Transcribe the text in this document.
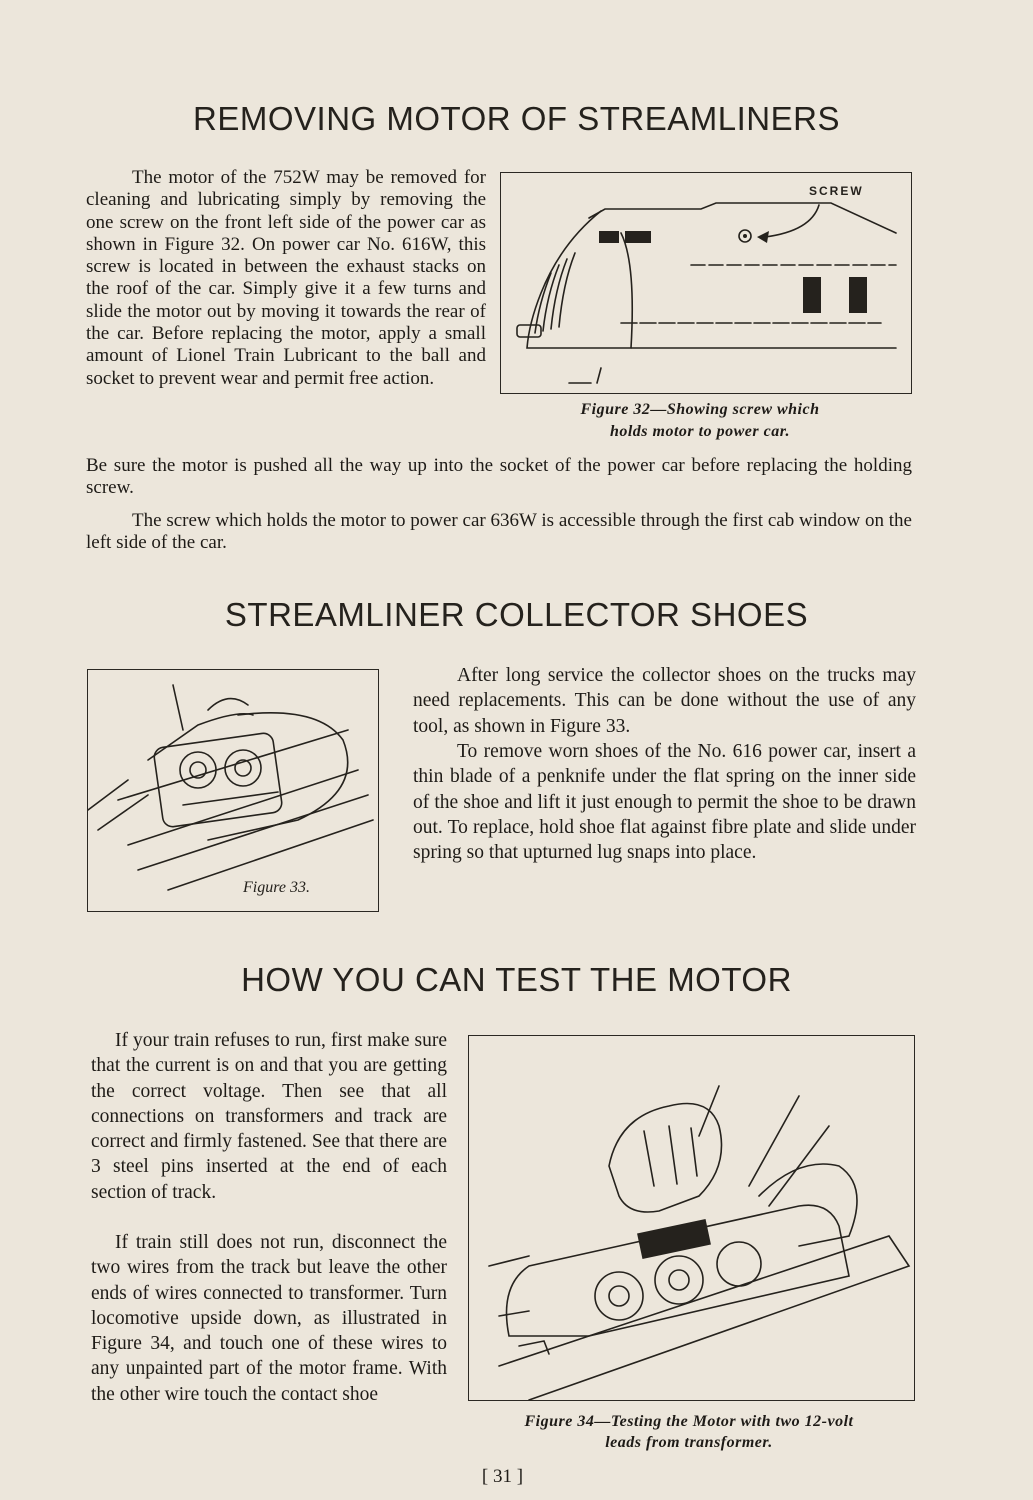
REMOVING MOTOR OF STREAMLINERS

The motor of the 752W may be removed for cleaning and lubricating simply by removing the one screw on the front left side of the power car as shown in Figure 32. On power car No. 616W, this screw is located in between the exhaust stacks on the roof of the car. Simply give it a few turns and slide the motor out by moving it towards the rear of the car. Before replacing the motor, apply a small amount of Lionel Train Lubricant to the ball and socket to prevent wear and permit free action.

SCREW
Figure 32—Showing screw which
holds motor to power car.

Be sure the motor is pushed all the way up into the socket of the power car before replacing the holding screw.

The screw which holds the motor to power car 636W is accessible through the first cab window on the left side of the car.

STREAMLINER COLLECTOR SHOES
Figure 33.

After long service the collector shoes on the trucks may need replacements. This can be done without the use of any tool, as shown in Figure 33.

To remove worn shoes of the No. 616 power car, insert a thin blade of a penknife under the flat spring on the inner side of the shoe and lift it just enough to permit the shoe to be drawn out. To replace, hold shoe flat against fibre plate and slide under spring so that upturned lug snaps into place.

HOW YOU CAN TEST THE MOTOR

If your train refuses to run, first make sure that the current is on and that you are getting the correct voltage. Then see that all connections on transformers and track are correct and firmly fastened. See that there are 3 steel pins inserted at the end of each section of track.

If train still does not run, disconnect the two wires from the track but leave the other ends of wires connected to transformer. Turn locomotive upside down, as illustrated in Figure 34, and touch one of these wires to any unpainted part of the motor frame. With the other wire touch the contact shoe

Figure 34—Testing the Motor with two 12-volt
leads from transformer.
[ 31 ]
